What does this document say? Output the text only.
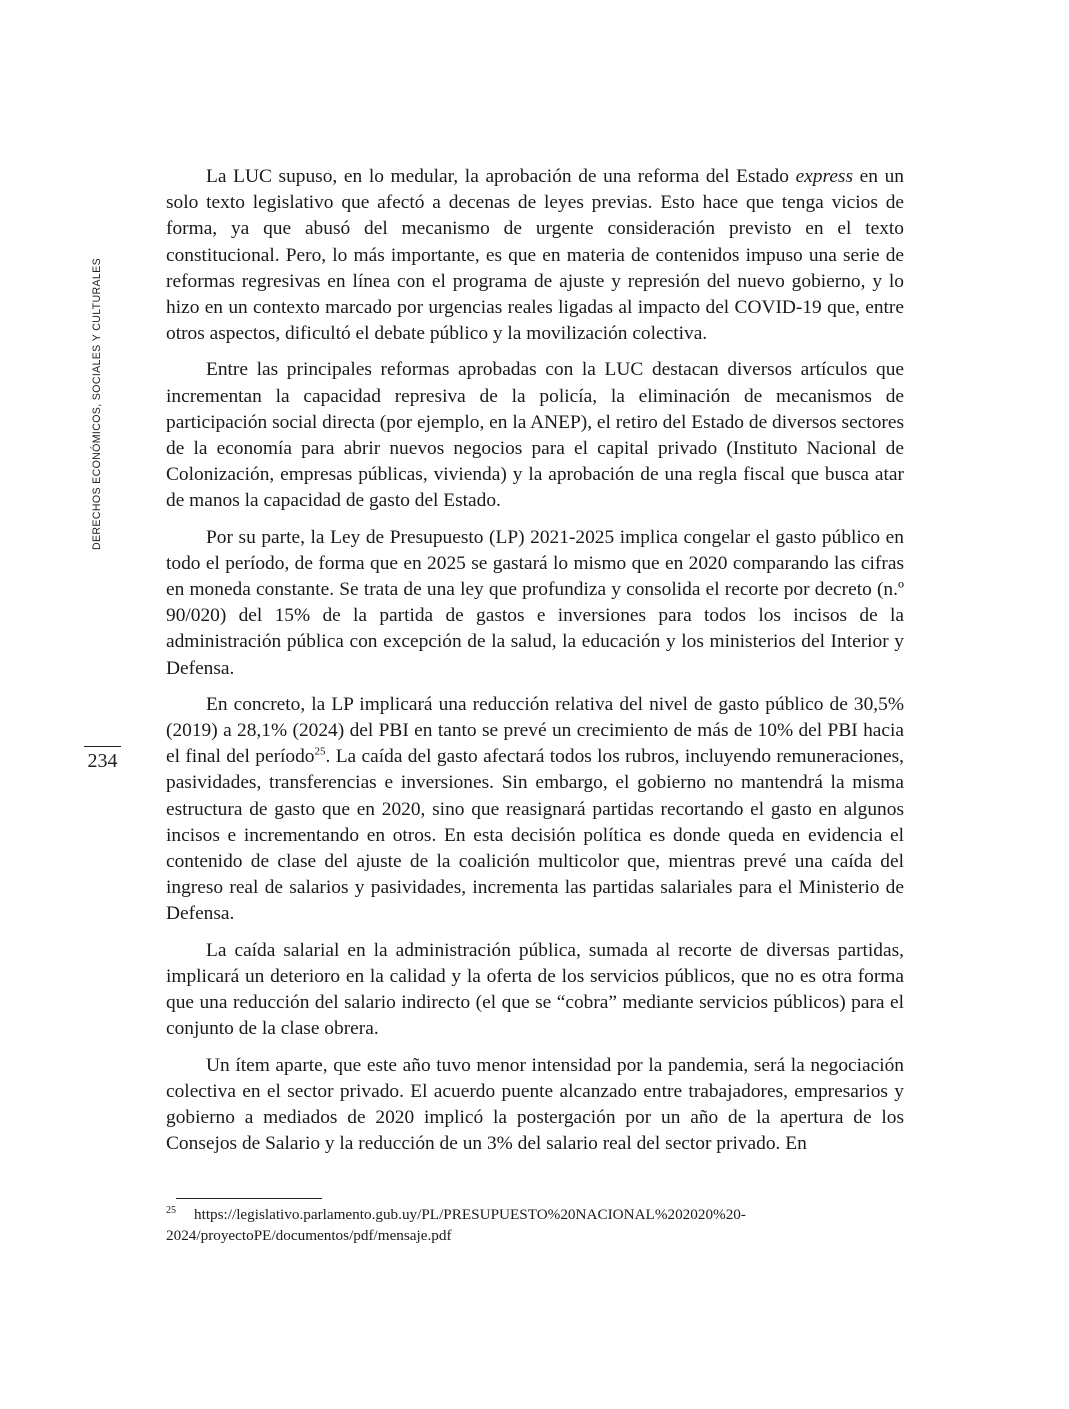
DERECHOS ECONÓMICOS, SOCIALES Y CULTURALES
234

La LUC supuso, en lo medular, la aprobación de una reforma del Estado express en un solo texto legislativo que afectó a decenas de leyes previas. Esto hace que tenga vicios de forma, ya que abusó del mecanismo de urgente consideración previsto en el texto constitucional. Pero, lo más importante, es que en materia de contenidos impuso una serie de reformas regresivas en línea con el programa de ajuste y represión del nuevo gobierno, y lo hizo en un contexto marcado por urgencias reales ligadas al impacto del COVID-19 que, entre otros aspectos, dificultó el debate público y la movilización colectiva.

Entre las principales reformas aprobadas con la LUC destacan diversos artículos que incrementan la capacidad represiva de la policía, la eliminación de mecanismos de participación social directa (por ejemplo, en la ANEP), el retiro del Estado de diversos sectores de la economía para abrir nuevos negocios para el capital privado (Instituto Nacional de Colonización, empresas públicas, vivienda) y la aprobación de una regla fiscal que busca atar de manos la capacidad de gasto del Estado.

Por su parte, la Ley de Presupuesto (LP) 2021-2025 implica congelar el gasto público en todo el período, de forma que en 2025 se gastará lo mismo que en 2020 comparando las cifras en moneda constante. Se trata de una ley que profundiza y consolida el recorte por decreto (n.º 90/020) del 15% de la partida de gastos e inversiones para todos los incisos de la administración pública con excepción de la salud, la educación y los ministerios del Interior y Defensa.

En concreto, la LP implicará una reducción relativa del nivel de gasto público de 30,5% (2019) a 28,1% (2024) del PBI en tanto se prevé un crecimiento de más de 10% del PBI hacia el final del período$^{25}$. La caída del gasto afectará todos los rubros, incluyendo remuneraciones, pasividades, transferencias e inversiones. Sin embargo, el gobierno no mantendrá la misma estructura de gasto que en 2020, sino que reasignará partidas recortando el gasto en algunos incisos e incrementando en otros. En esta decisión política es donde queda en evidencia el contenido de clase del ajuste de la coalición multicolor que, mientras prevé una caída del ingreso real de salarios y pasividades, incrementa las partidas salariales para el Ministerio de Defensa.

La caída salarial en la administración pública, sumada al recorte de diversas partidas, implicará un deterioro en la calidad y la oferta de los servicios públicos, que no es otra forma que una reducción del salario indirecto (el que se “cobra” mediante servicios públicos) para el conjunto de la clase obrera.

Un ítem aparte, que este año tuvo menor intensidad por la pandemia, será la negociación colectiva en el sector privado. El acuerdo puente alcanzado entre trabajadores, empresarios y gobierno a mediados de 2020 implicó la postergación por un año de la apertura de los Consejos de Salario y la reducción de un 3% del salario real del sector privado. En

$^{25}$ https://legislativo.parlamento.gub.uy/PL/PRESUPUESTO%20NACIONAL%202020%20-2024/proyectoPE/documentos/pdf/mensaje.pdf
